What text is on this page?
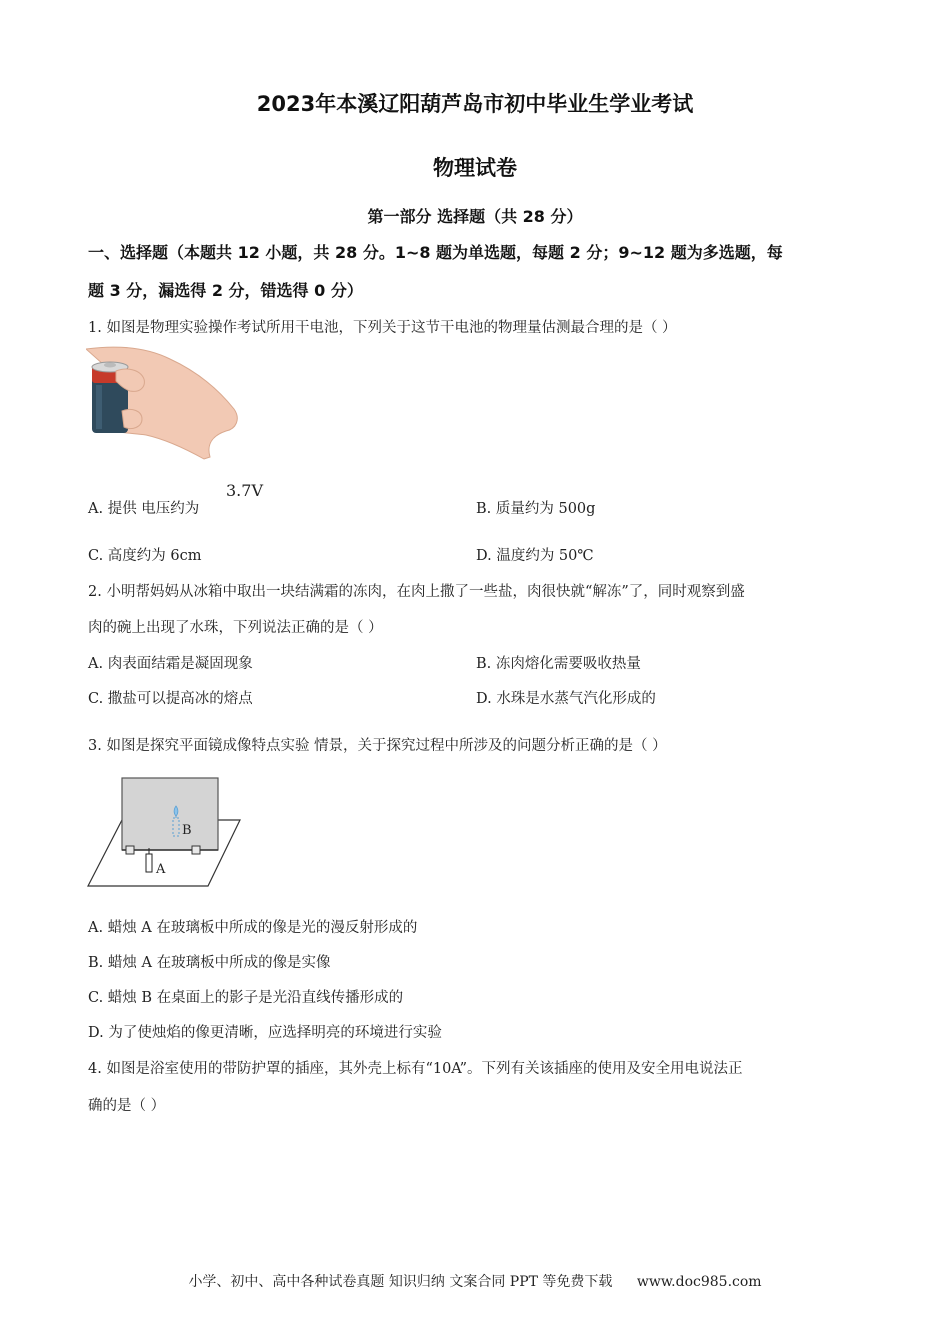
2023年本溪辽阳葫芦岛市初中毕业生学业考试
物理试卷
第一部分 选择题（共 28 分）
一、选择题（本题共 12 小题，共 28 分。1~8 题为单选题，每题 2 分；9~12 题为多选题，每
题 3 分，漏选得 2 分，错选得 0 分）
1. 如图是物理实验操作考试所用干电池，下列关于这节干电池的物理量估测最合理的是（ ）
3.7V
A. 提供 电压约为	B. 质量约为 500g
C. 高度约为 6cm	D. 温度约为 50℃
2. 小明帮妈妈从冰箱中取出一块结满霜的冻肉，在肉上撒了一些盐，肉很快就“解冻”了，同时观察到盛
肉的碗上出现了水珠，下列说法正确的是（ ）
A. 肉表面结霜是凝固现象	B. 冻肉熔化需要吸收热量
C. 撒盐可以提高冰的熔点	D. 水珠是水蒸气汽化形成的
3. 如图是探究平面镜成像特点实验 情景，关于探究过程中所涉及的问题分析正确的是（ ）
B
A
A. 蜡烛 A 在玻璃板中所成的像是光的漫反射形成的
B. 蜡烛 A 在玻璃板中所成的像是实像
C. 蜡烛 B 在桌面上的影子是光沿直线传播形成的
D. 为了使烛焰的像更清晰，应选择明亮的环境进行实验
4. 如图是浴室使用的带防护罩的插座，其外壳上标有“10A”。下列有关该插座的使用及安全用电说法正
确的是（ ）
小学、初中、高中各种试卷真题 知识归纳 文案合同 PPT 等免费下载 www.doc985.com
